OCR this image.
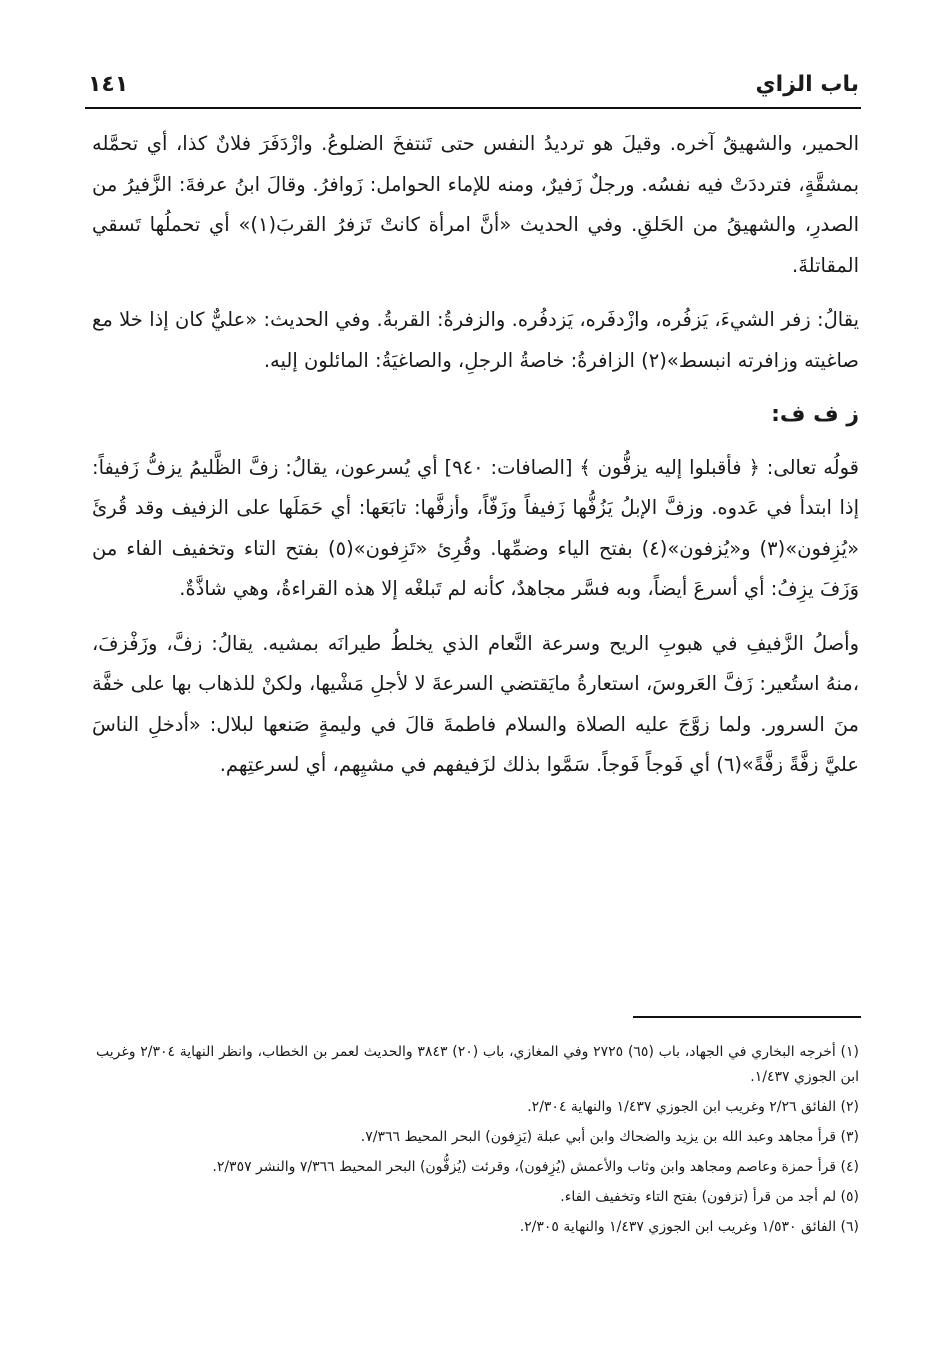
باب الزاي
١٤١

الحمير، والشهيقُ آخره. وقيلَ هو ترديدُ النفس حتى تَنتفخَ الضلوعُ. وازْدَفَرَ فلانٌ كذا، أي تحمَّله بمشقَّةٍ، فترددَتْ فيه نفسُه. ورجلٌ زَفيرٌ، ومنه للإماء الحوامل: زَوافرُ. وقالَ ابنُ عرفةَ: الزَّفيرُ من الصدرِ، والشهيقُ من الحَلقِ. وفي الحديث «أنَّ امرأة كانتْ تَزفرُ القربَ(١)» أي تحملُها تَسقي المقاتلةَ.

يقالُ: زفر الشيءَ، يَزفُره، وازْدفَره، يَزدفُره. والزفرةُ: القربةُ. وفي الحديث: «عليٌّ كان إذا خلا مع صاغيته وزافرته انبسط»(٢) الزافرةُ: خاصةُ الرجلِ، والصاغيَةُ: المائلون إليه.

ز ف ف:

قولُه تعالى: ﴿ فأقبلوا إليه يزفُّون ﴾ [الصافات: ٩٤٠] أي يُسرعون، يقالُ: زفَّ الظَّليمُ يزفُّ زَفيفاً: إذا ابتدأ في عَدوه. وزفَّ الإبلُ يَزُفُّها زَفيفاً وزَفّاً، وأزفَّها: تابَعَها: أي حَمَلَها على الزفيف وقد قُرئَ «يُزِفون»(٣) و«يُزفون»(٤) بفتح الياء وضمِّها. وقُرِئ «تَزِفون»(٥) بفتح التاء وتخفيف الفاء من وَزَفَ يزِفُ: أي أسرعَ أيضاً، وبه فسَّر مجاهدٌ، كأنه لم تَبلغْه إلا هذه القراءةُ، وهي شاذَّةٌ.

وأصلُ الزَّفيفِ في هبوبِ الريح وسرعة النَّعام الذي يخلطُ طيرانَه بمشيه. يقالُ: زفَّ، وزَفْزفَ، ،منهُ استُعير: زَفَّ العَروسَ، استعارةُ مايَقتضي السرعةَ لا لأجلِ مَشْيها، ولكنْ للذهاب بها على خفَّة منَ السرور. ولما زوَّجَ عليه الصلاة والسلام فاطمةَ قالَ في وليمةٍ صَنعها لبلال: «أدخلِ الناسَ عليَّ زفَّةً زفَّةً»(٦) أي فَوجاً فَوجاً. سَمَّوا بذلك لزَفيفهم في مشيِهم، أي لسرعتِهم.

(١) أخرجه البخاري في الجهاد، باب (٦٥) ٢٧٢٥ وفي المغازي، باب (٢٠) ٣٨٤٣ والحديث لعمر بن الخطاب، وانظر النهاية ٢/٣٠٤ وغريب ابن الجوزي ١/٤٣٧.
(٢) الفائق ٢/٢٦ وغريب ابن الجوزي ١/٤٣٧ والنهاية ٢/٣٠٤.
(٣) قرأ مجاهد وعبد الله بن يزيد والضحاك وابن أبي عبلة (يَزِفون) البحر المحيط ٧/٣٦٦.
(٤) قرأ حمزة وعاصم ومجاهد وابن وثاب والأعمش (يُزِفون)، وقرئت (يُزفُّون) البحر المحيط ٧/٣٦٦ والنشر ٢/٣٥٧.
(٥) لم أجد من قرأ (تزفون) بفتح التاء وتخفيف الفاء.
(٦) الفائق ١/٥٣٠ وغريب ابن الجوزي ١/٤٣٧ والنهاية ٢/٣٠٥.
